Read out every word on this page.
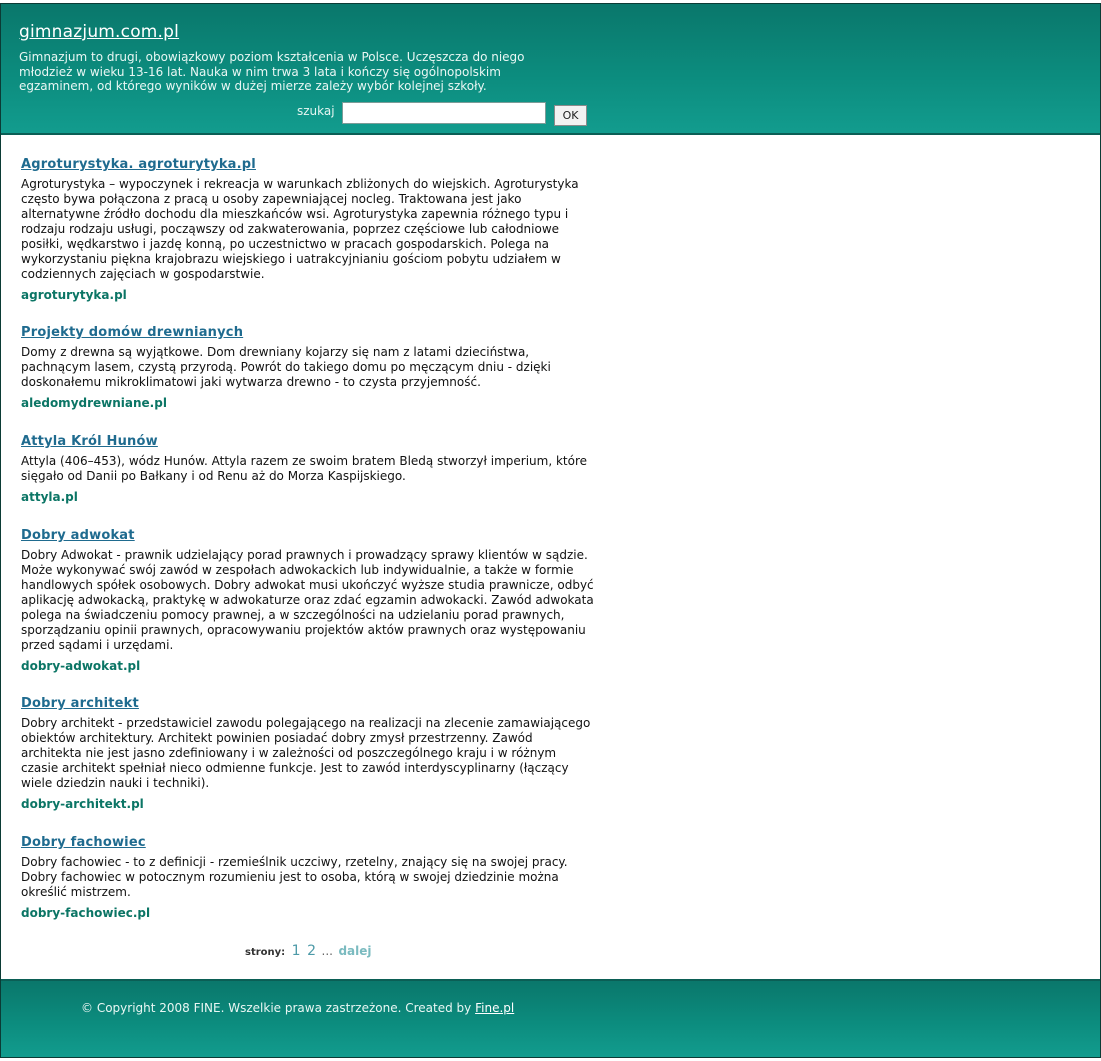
gimnazjum.com.pl

Gimnazjum to drugi, obowiązkowy poziom kształcenia w Polsce. Uczęszcza do niego młodzież w wieku 13-16 lat. Nauka w nim trwa 3 lata i kończy się ogólnopolskim egzaminem, od którego wyników w dużej mierze zależy wybór kolejnej szkoły.

szukaj	OK
Agroturystyka. agroturytyka.pl

Agroturystyka – wypoczynek i rekreacja w warunkach zbliżonych do wiejskich. Agroturystyka często bywa połączona z pracą u osoby zapewniającej nocleg. Traktowana jest jako alternatywne źródło dochodu dla mieszkańców wsi. Agroturystyka zapewnia różnego typu i rodzaju rodzaju usługi, począwszy od zakwaterowania, poprzez częściowe lub całodniowe posiłki, wędkarstwo i jazdę konną, po uczestnictwo w pracach gospodarskich. Polega na wykorzystaniu piękna krajobrazu wiejskiego i uatrakcyjnianiu gościom pobytu udziałem w codziennych zajęciach w gospodarstwie.

agroturytyka.pl
Projekty domów drewnianych

Domy z drewna są wyjątkowe. Dom drewniany kojarzy się nam z latami dzieciństwa, pachnącym lasem, czystą przyrodą. Powrót do takiego domu po męczącym dniu - dzięki doskonałemu mikroklimatowi jaki wytwarza drewno - to czysta przyjemność.

aledomydrewniane.pl
Attyla Król Hunów

Attyla (406–453), wódz Hunów. Attyla razem ze swoim bratem Bledą stworzył imperium, które sięgało od Danii po Bałkany i od Renu aż do Morza Kaspijskiego.

attyla.pl
Dobry adwokat

Dobry Adwokat - prawnik udzielający porad prawnych i prowadzący sprawy klientów w sądzie. Może wykonywać swój zawód w zespołach adwokackich lub indywidualnie, a także w formie handlowych spółek osobowych. Dobry adwokat musi ukończyć wyższe studia prawnicze, odbyć aplikację adwokacką, praktykę w adwokaturze oraz zdać egzamin adwokacki. Zawód adwokata polega na świadczeniu pomocy prawnej, a w szczególności na udzielaniu porad prawnych, sporządzaniu opinii prawnych, opracowywaniu projektów aktów prawnych oraz występowaniu przed sądami i urzędami.

dobry-adwokat.pl
Dobry architekt

Dobry architekt - przedstawiciel zawodu polegającego na realizacji na zlecenie zamawiającego obiektów architektury. Architekt powinien posiadać dobry zmysł przestrzenny. Zawód architekta nie jest jasno zdefiniowany i w zależności od poszczególnego kraju i w różnym czasie architekt spełniał nieco odmienne funkcje. Jest to zawód interdyscyplinarny (łączący wiele dziedzin nauki i techniki).

dobry-architekt.pl
Dobry fachowiec

Dobry fachowiec - to z definicji - rzemieślnik uczciwy, rzetelny, znający się na swojej pracy. Dobry fachowiec w potocznym rozumieniu jest to osoba, którą w swojej dziedzinie można określić mistrzem.

dobry-fachowiec.pl
strony: 1 2 ... dalej
© Copyright 2008 FINE. Wszelkie prawa zastrzeżone. Created by Fine.pl
